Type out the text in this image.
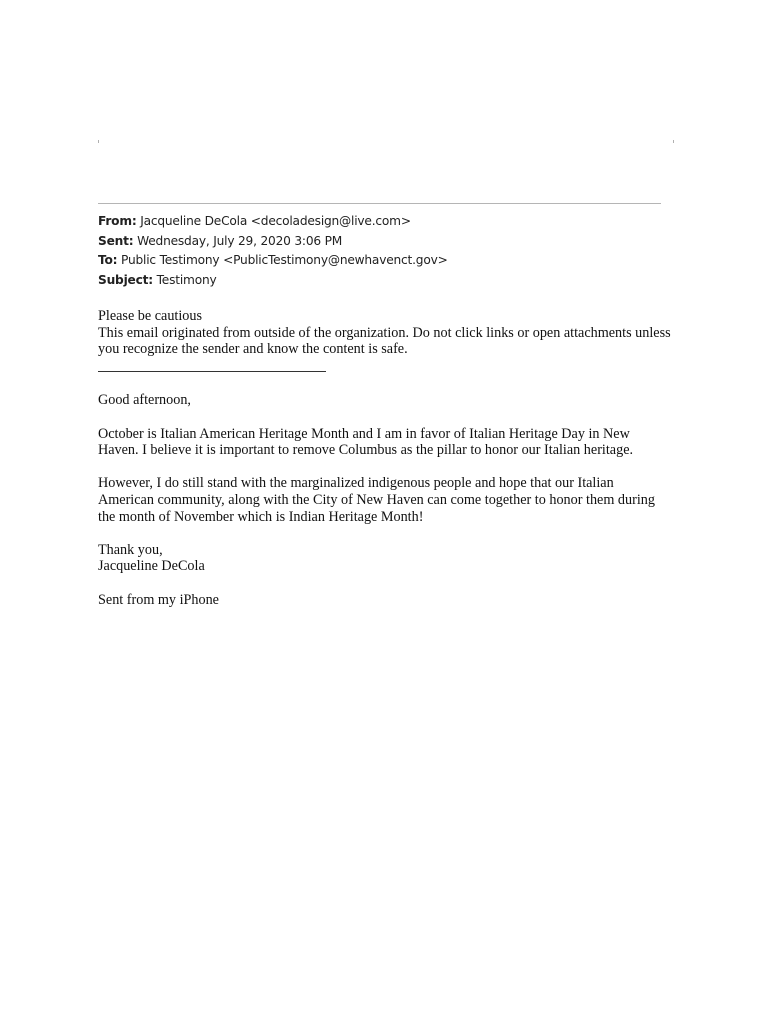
From: Jacqueline DeCola <decoladesign@live.com>
Sent: Wednesday, July 29, 2020 3:06 PM
To: Public Testimony <PublicTestimony@newhavenct.gov>
Subject: Testimony

Please be cautious

This email originated from outside of the organization. Do not click links or open attachments unless

you recognize the sender and know the content is safe.

Good afternoon,

October is Italian American Heritage Month and I am in favor of Italian Heritage Day in New

Haven. I believe it is important to remove Columbus as the pillar to honor our Italian heritage.

However, I do still stand with the marginalized indigenous people and hope that our Italian

American community, along with the City of New Haven can come together to honor them during

the month of November which is Indian Heritage Month!

Thank you,

Jacqueline DeCola

Sent from my iPhone
